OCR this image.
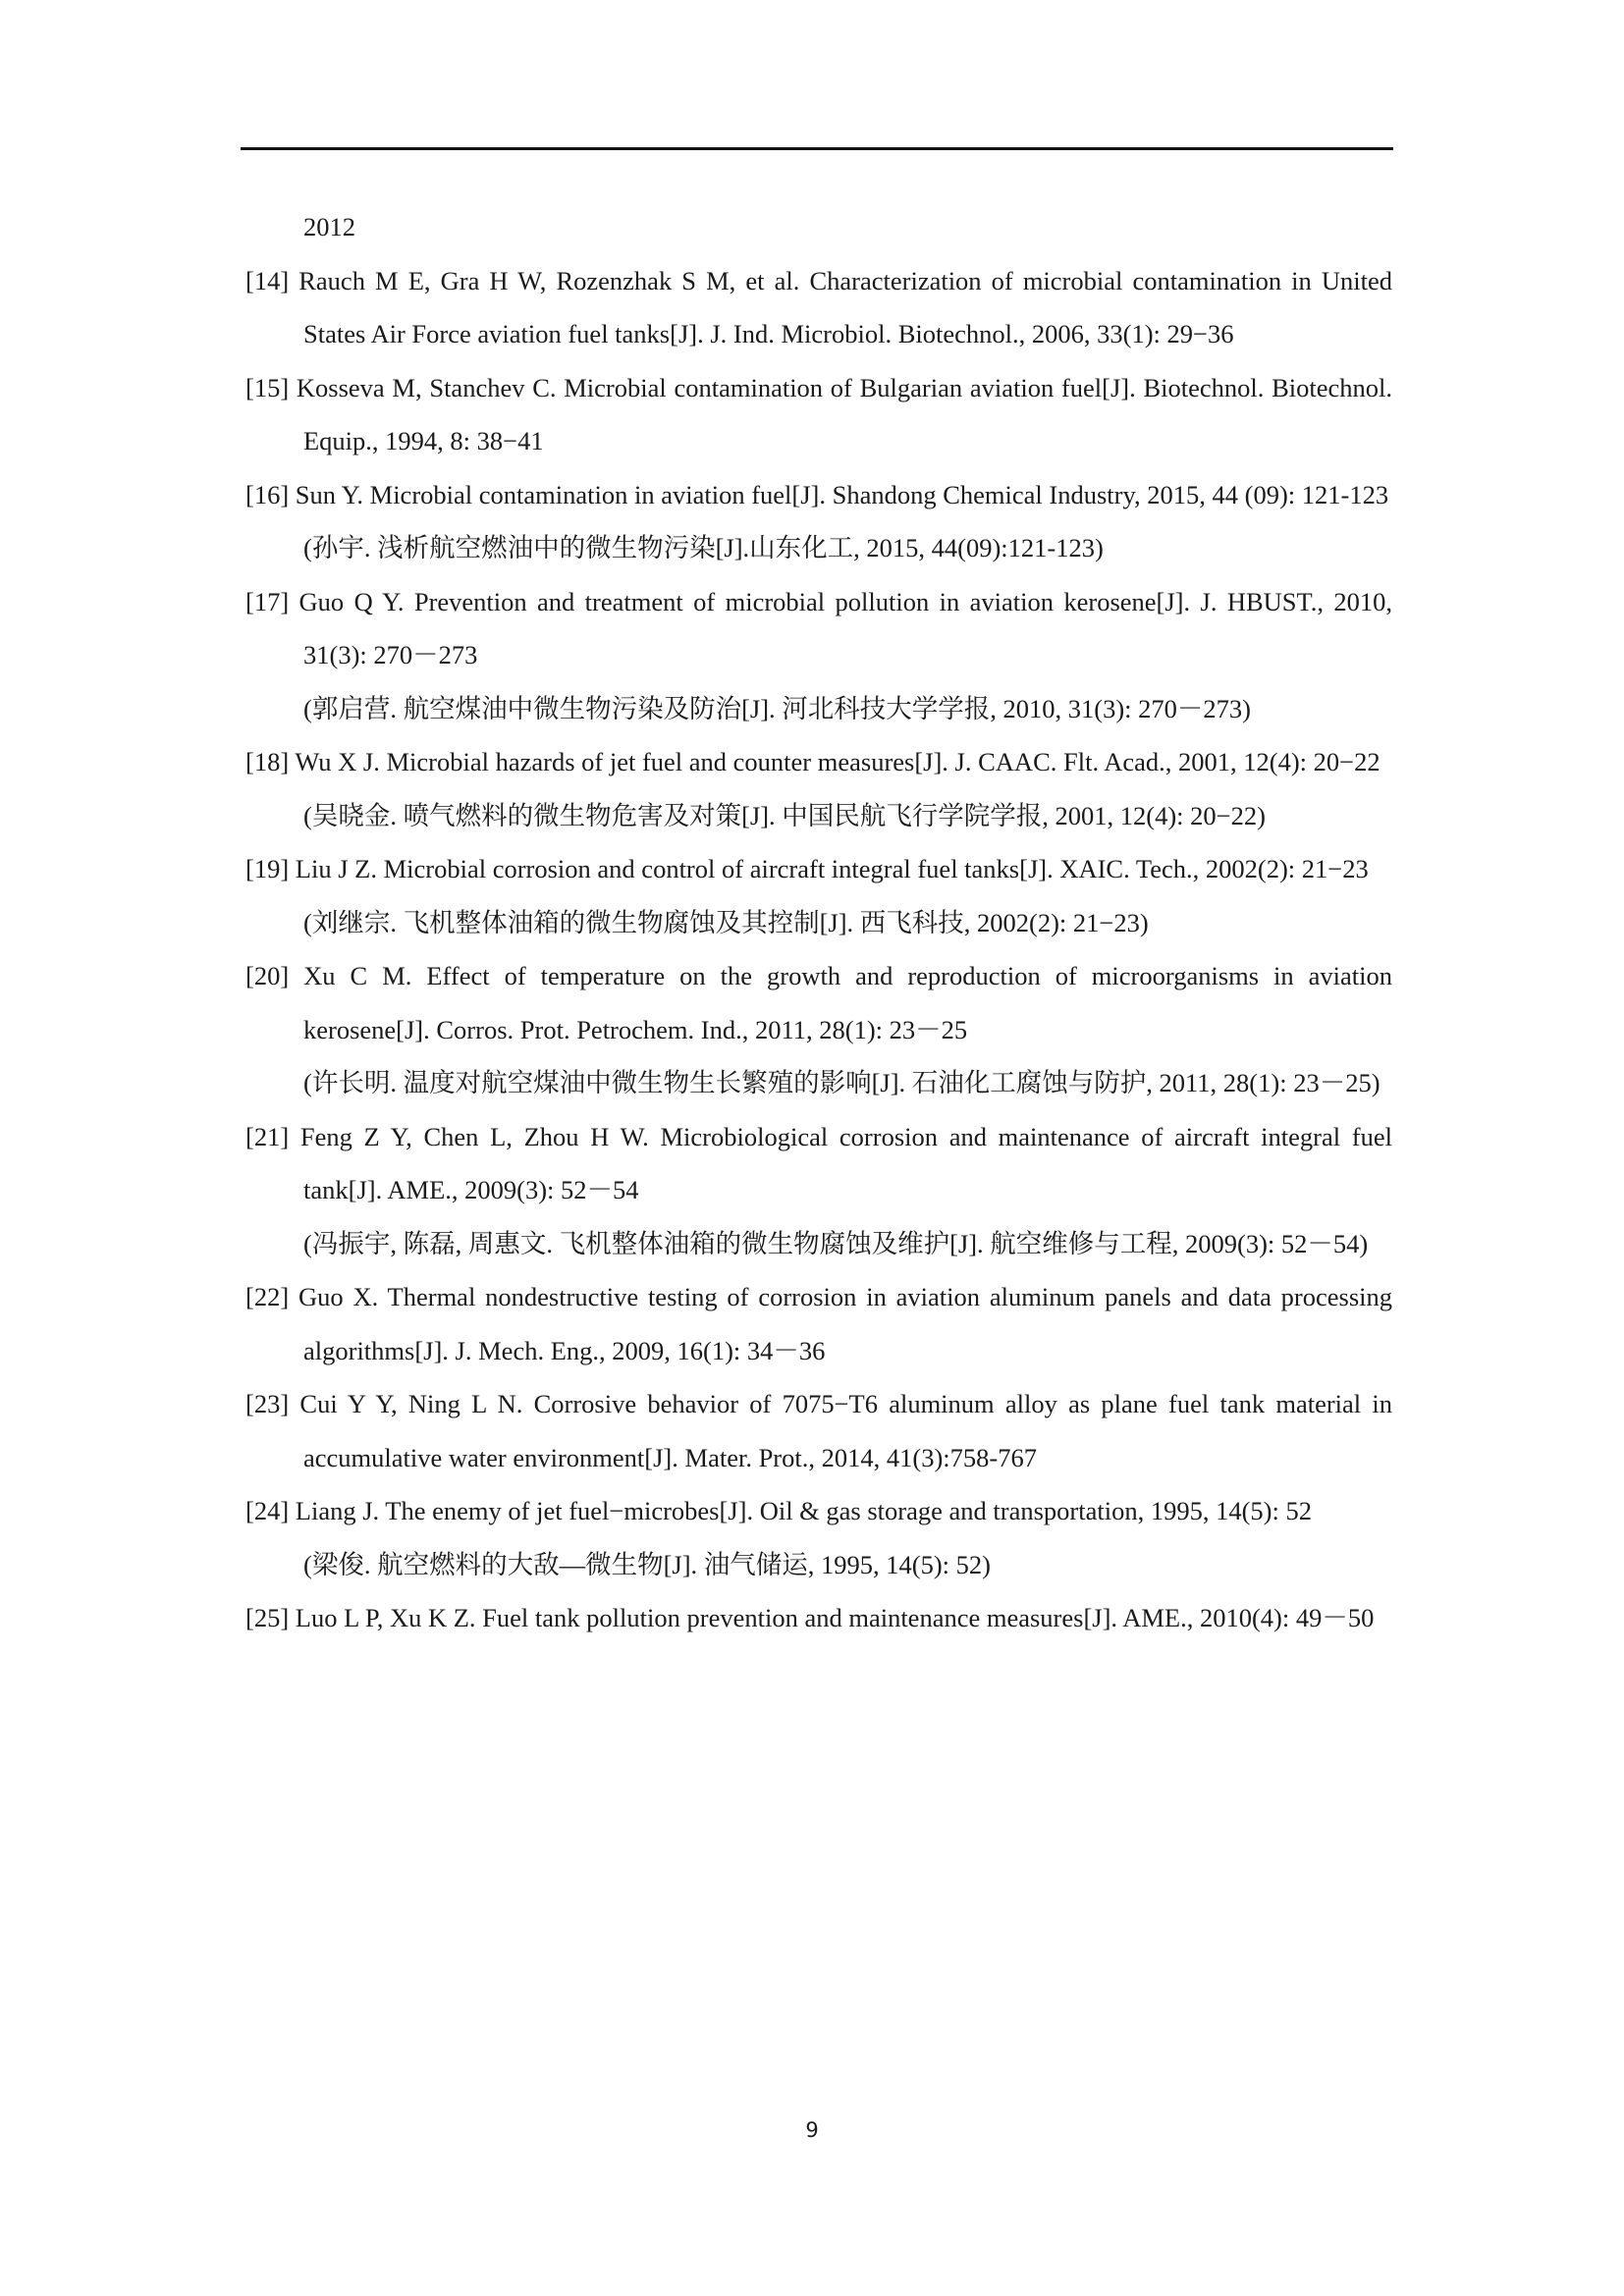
2012

[14] Rauch M E, Gra H W, Rozenzhak S M, et al. Characterization of microbial contamination in United States Air Force aviation fuel tanks[J]. J. Ind. Microbiol. Biotechnol., 2006, 33(1): 29−36

[15] Kosseva M, Stanchev C. Microbial contamination of Bulgarian aviation fuel[J]. Biotechnol. Biotechnol. Equip., 1994, 8: 38−41

[16] Sun Y. Microbial contamination in aviation fuel[J]. Shandong Chemical Industry, 2015, 44 (09): 121-123

(孙宇. 浅析航空燃油中的微生物污染[J].山东化工, 2015, 44(09):121-123)

[17] Guo Q Y. Prevention and treatment of microbial pollution in aviation kerosene[J]. J. HBUST., 2010, 31(3): 270－273

(郭启营. 航空煤油中微生物污染及防治[J]. 河北科技大学学报, 2010, 31(3): 270－273)

[18] Wu X J. Microbial hazards of jet fuel and counter measures[J]. J. CAAC. Flt. Acad., 2001, 12(4): 20−22

(吴晓金. 喷气燃料的微生物危害及对策[J]. 中国民航飞行学院学报, 2001, 12(4): 20−22)

[19] Liu J Z. Microbial corrosion and control of aircraft integral fuel tanks[J]. XAIC. Tech., 2002(2): 21−23

(刘继宗. 飞机整体油箱的微生物腐蚀及其控制[J]. 西飞科技, 2002(2): 21−23)

[20] Xu C M. Effect of temperature on the growth and reproduction of microorganisms in aviation kerosene[J]. Corros. Prot. Petrochem. Ind., 2011, 28(1): 23－25

(许长明. 温度对航空煤油中微生物生长繁殖的影响[J]. 石油化工腐蚀与防护, 2011, 28(1): 23－25)

[21] Feng Z Y, Chen L, Zhou H W. Microbiological corrosion and maintenance of aircraft integral fuel tank[J]. AME., 2009(3): 52－54

(冯振宇, 陈磊, 周惠文. 飞机整体油箱的微生物腐蚀及维护[J]. 航空维修与工程, 2009(3): 52－54)

[22] Guo X. Thermal nondestructive testing of corrosion in aviation aluminum panels and data processing algorithms[J]. J. Mech. Eng., 2009, 16(1): 34－36

[23] Cui Y Y, Ning L N. Corrosive behavior of 7075−T6 aluminum alloy as plane fuel tank material in accumulative water environment[J]. Mater. Prot., 2014, 41(3):758-767

[24] Liang J. The enemy of jet fuel−microbes[J]. Oil & gas storage and transportation, 1995, 14(5): 52

(梁俊. 航空燃料的大敌—微生物[J]. 油气储运, 1995, 14(5): 52)

[25] Luo L P, Xu K Z. Fuel tank pollution prevention and maintenance measures[J]. AME., 2010(4): 49－50

9
